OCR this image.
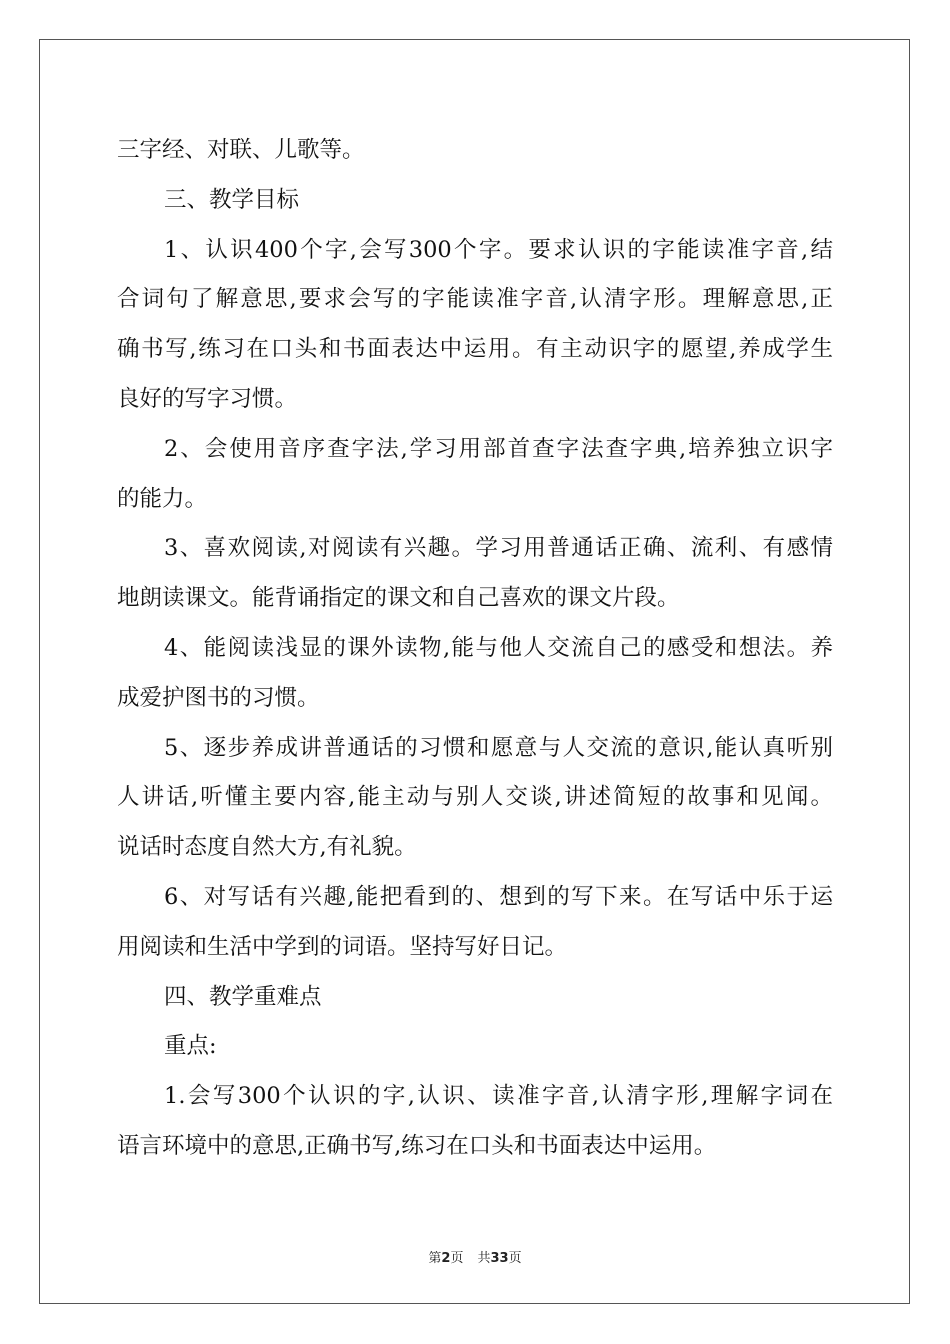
三字经、对联、儿歌等。
三、教学目标
1、认识400个字,会写300个字。要求认识的字能读准字音,结
合词句了解意思,要求会写的字能读准字音,认清字形。理解意思,正
确书写,练习在口头和书面表达中运用。有主动识字的愿望,养成学生
良好的写字习惯。
2、会使用音序查字法,学习用部首查字法查字典,培养独立识字
的能力。
3、喜欢阅读,对阅读有兴趣。学习用普通话正确、流利、有感情
地朗读课文。能背诵指定的课文和自己喜欢的课文片段。
4、能阅读浅显的课外读物,能与他人交流自己的感受和想法。养
成爱护图书的习惯。
5、逐步养成讲普通话的习惯和愿意与人交流的意识,能认真听别
人讲话,听懂主要内容,能主动与别人交谈,讲述简短的故事和见闻。
说话时态度自然大方,有礼貌。
6、对写话有兴趣,能把看到的、想到的写下来。在写话中乐于运
用阅读和生活中学到的词语。坚持写好日记。
四、教学重难点
重点:
1.会写300个认识的字,认识、读准字音,认清字形,理解字词在
语言环境中的意思,正确书写,练习在口头和书面表达中运用。
第2页 共33页
